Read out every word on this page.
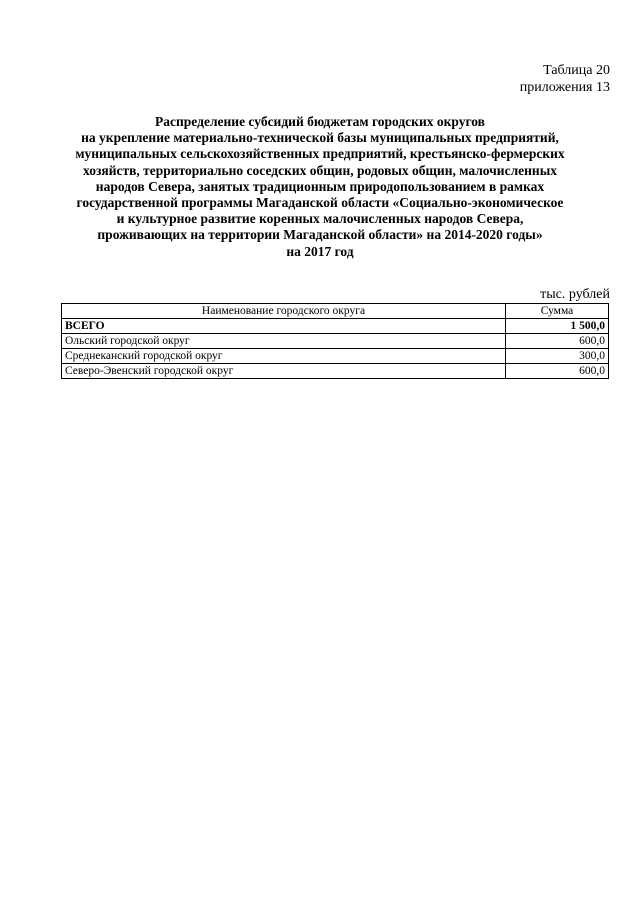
Таблица 20
приложения 13
Распределение субсидий бюджетам городских округов
на укрепление материально-технической базы муниципальных предприятий,
муниципальных сельскохозяйственных предприятий, крестьянско-фермерских
хозяйств, территориально соседских общин, родовых общин, малочисленных
народов Севера, занятых традиционным природопользованием в рамках
государственной программы Магаданской области «Социально-экономическое
и культурное развитие коренных малочисленных народов Севера,
проживающих на территории Магаданской области» на 2014-2020 годы»
на 2017 год
тыс. рублей
Наименование городского округа	Сумма
ВСЕГО	1 500,0
Ольский городской округ	600,0
Среднеканский городской округ	300,0
Северо-Эвенский городской округ	600,0
